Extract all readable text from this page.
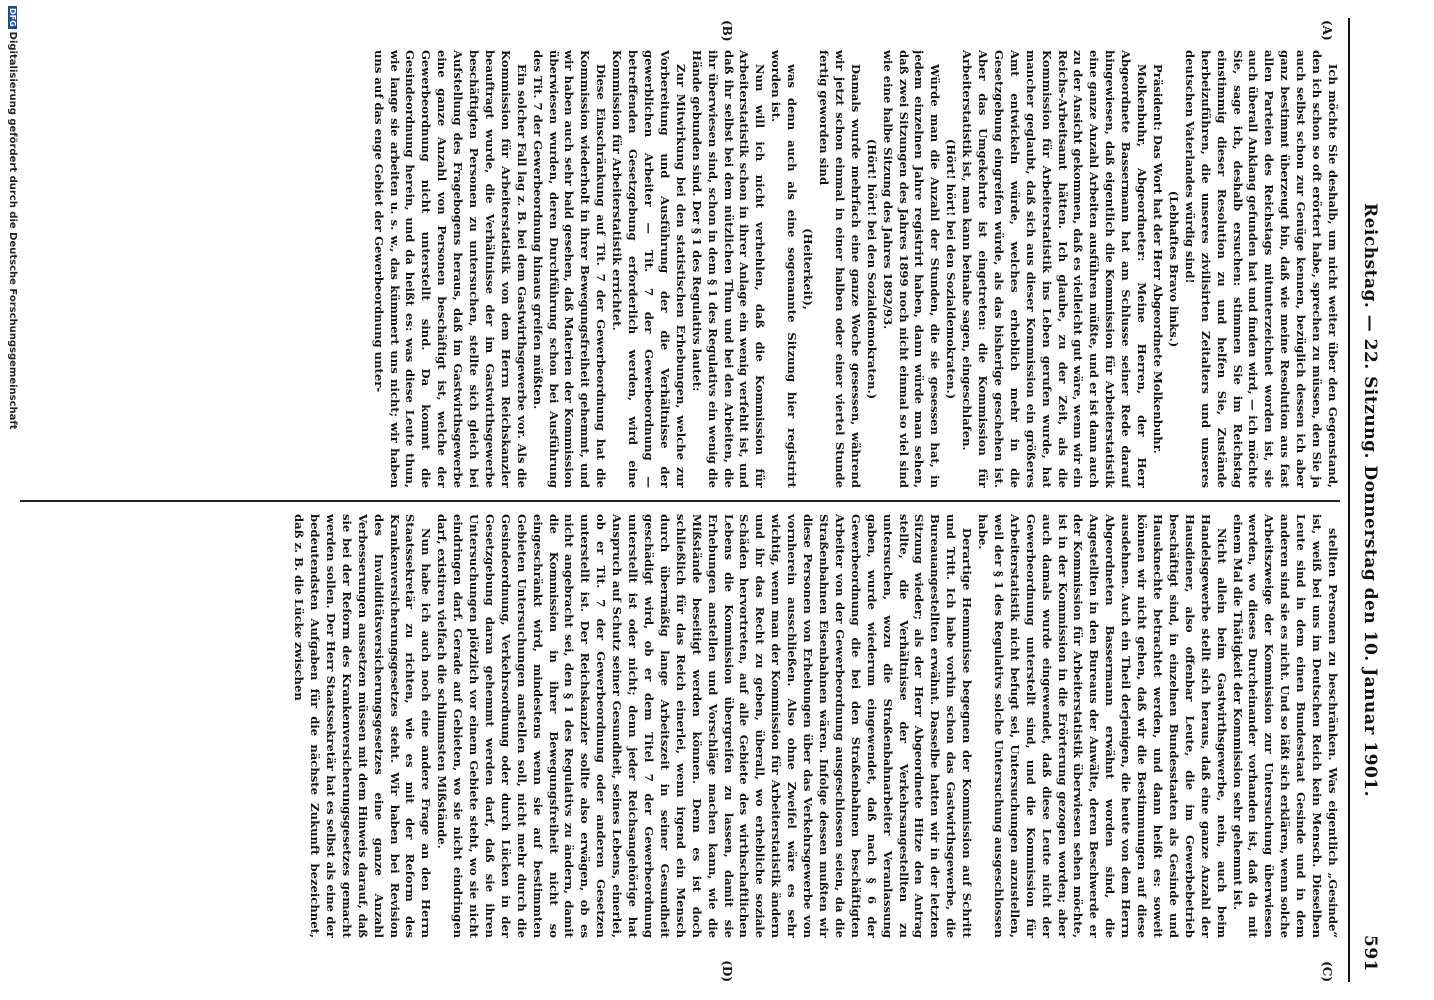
Reichstag. — 22. Sitzung. Donnerstag den 10. Januar 1901.
591
(A)
(B)
(C)
(D)

Ich möchte Sie deshalb, um nicht weiter über den Gegenstand, den ich schon so oft erörtert habe, sprechen zu müssen, den Sie ja auch selbst schon zur Genüge kennen, bezüglich dessen ich aber ganz bestimmt überzeugt bin, daß wie meine Resolution aus fast allen Parteien des Reichstags mitunterzeichnet worden ist, sie auch überall Anklang gefunden hat und finden wird, — ich möchte Sie, sage ich, deshalb ersuchen: stimmen Sie im Reichstag einstimmig dieser Resolution zu und helfen Sie, Zustände herbeizuführen, die unseres zivilisirten Zeitalters und unseres deutschen Vaterlandes würdig sind!

(Lebhaftes Bravo links.)

Präsident: Das Wort hat der Herr Abgeordnete Molkenbuhr.

Molkenbuhr, Abgeordneter: Meine Herren, der Herr Abgeordnete Bassermann hat am Schlusse seiner Rede darauf hingewiesen, daß eigentlich die Kommission für Arbeiterstatistik eine ganze Anzahl Arbeiten ausführen müßte, und er ist dann auch zu der Ansicht gekommen, daß es vielleicht gut wäre, wenn wir ein Reichs-Arbeitsamt hätten. Ich glaube, zu der Zeit, als die Kommission für Arbeiterstatistik ins Leben gerufen wurde, hat mancher geglaubt, daß sich aus dieser Kommission ein größeres Amt entwickeln würde, welches erheblich mehr in die Gesetzgebung eingreifen würde, als das bisherige geschehen ist. Aber das Umgekehrte ist eingetreten: die Kommission für Arbeiterstatistik ist, man kann beinahe sagen, eingeschlafen.

(Hört! hört! bei den Sozialdemokraten.)

Würde man die Anzahl der Stunden, die sie gesessen hat, in jedem einzelnen Jahre registrirt haben, dann würde man sehen, daß zwei Sitzungen des Jahres 1899 noch nicht einmal so viel sind wie eine halbe Sitzung des Jahres 1892/93.

(Hört! hört! bei den Sozialdemokraten.)

Damals wurde mehrfach eine ganze Woche gesessen, während wir jetzt schon einmal in einer halben oder einer viertel Stunde fertig geworden sind

(Heiterkeit),

was denn auch als eine sogenannte Sitzung hier registrirt worden ist.

Nun will ich nicht verhehlen, daß die Kommission für Arbeiterstatistik schon in ihrer Anlage ein wenig verfehlt ist, und daß ihr selbst bei dem nützlichen Thun und bei den Arbeiten, die ihr überwiesen sind, schon in dem § 1 des Regulativs ein wenig die Hände gebunden sind. Der § 1 des Regulativs lautet:

Zur Mitwirkung bei den statistischen Erhebungen, welche zur Vorbereitung und Ausführung der die Verhältnisse der gewerblichen Arbeiter — Tit. 7 der Gewerbeordnung — betreffenden Gesetzgebung erforderlich werden, wird eine Kommission für Arbeiterstatistik errichtet.

Diese Einschränkung auf Tit. 7 der Gewerbeordnung hat die Kommission wiederholt in ihrer Bewegungsfreiheit gehemmt, und wir haben auch sehr bald gesehen, daß Materien der Kommission überwiesen wurden, deren Durchführung schon bei Ausführung des Tit. 7 der Gewerbeordnung hinaus greifen müßten.

Ein solcher Fall lag z. B. bei dem Gastwirthsgewerbe vor. Als die Kommission für Arbeiterstatistik von dem Herrn Reichskanzler beauftragt wurde, die Verhältnisse der im Gastwirthsgewerbe beschäftigten Personen zu untersuchen, stellte sich gleich bei Aufstellung des Fragebogens heraus, daß im Gastwirthsgewerbe eine ganze Anzahl von Personen beschäftigt ist, welche der Gewerbeordnung nicht unterstellt sind. Da kommt die Gesindeordnung herein, und da heißt es: was diese Leute thun, wie lange sie arbeiten u. s. w., das kümmert uns nicht; wir haben uns auf das enge Gebiet der Gewerbeordnung unter-

stellten Personen zu beschränken. Was eigentlich „Gesinde“ ist, weiß bei uns im Deutschen Reich kein Mensch. Dieselben Leute sind in dem einen Bundesstaat Gesinde und in dem anderen sind sie es nicht. Und so läßt sich erklären, wenn solche Arbeitszweige der Kommission zur Untersuchung überwiesen werden, wo dieses Durcheinander vorhanden ist, daß da mit einem Mal die Thätigkeit der Kommission sehr gehemmt ist.

Nicht allein beim Gastwirthsgewerbe, nein, auch beim Handelsgewerbe stellt sich heraus, daß eine ganze Anzahl der Hausdiener, also offenbar Leute, die im Gewerbebetrieb beschäftigt sind, in einzelnen Bundesstaaten als Gesinde und Hausknechte betrachtet werden, und dann heißt es: soweit können wir nicht gehen, daß wir die Bestimmungen auf diese ausdehnen. Auch ein Theil derjenigen, die heute von dem Herrn Abgeordneten Bassermann erwähnt worden sind, die Angestellten in den Bureaus der Anwälte, deren Beschwerde er der Kommission für Arbeiterstatistik überwiesen sehen möchte, ist in der Kommission in die Erörterung gezogen worden; aber auch damals wurde eingewendet, daß diese Leute nicht der Gewerbeordnung unterstellt sind, und die Kommission für Arbeiterstatistik nicht befugt sei, Untersuchungen anzustellen, weil der § 1 des Regulativs solche Untersuchung ausgeschlossen habe.

Derartige Hemmnisse begegnen der Kommission auf Schritt und Tritt. Ich habe vorhin schon das Gastwirthsgewerbe, die Bureauangestellten erwähnt. Dasselbe hatten wir in der letzten Sitzung wieder; als der Herr Abgeordnete Hitze den Antrag stellte, die Verhältnisse der Verkehrsangestellten zu untersuchen, wozu die Straßenbahnarbeiter Veranlassung gaben, wurde wiederum eingewendet, daß nach § 6 der Gewerbeordnung die bei den Straßenbahnen beschäftigten Arbeiter von der Gewerbeordnung ausgeschlossen seien, da die Straßenbahnen Eisenbahnen wären. Infolge dessen mußten wir diese Personen von Erhebungen über das Verkehrsgewerbe von vornherein ausschließen. Also ohne Zweifel wäre es sehr wichtig, wenn man der Kommission für Arbeiterstatistik ändern und ihr das Recht zu geben, überall, wo erhebliche soziale Schäden hervortreten, auf alle Gebiete des wirthschaftlichen Lebens die Kommission übergreifen zu lassen, damit sie Erhebungen anstellen und Vorschläge machen kann, wie die Mißstände beseitigt werden können. Denn es ist doch schließlich für das Reich einerlei, wenn irgend ein Mensch durch übermäßig lange Arbeitszeit in seiner Gesundheit geschädigt wird, ob er dem Titel 7 der Gewerbeordnung unterstellt ist oder nicht; denn jeder Reichsangehörige hat Anspruch auf Schutz seiner Gesundheit, seines Lebens, einerlei, ob er Tit. 7 der Gewerbeordnung oder anderen Gesetzen unterstellt ist. Der Reichskanzler sollte also erwägen, ob es nicht angebracht sei, den § 1 des Regulativs zu ändern, damit die Kommission in ihrer Bewegungsfreiheit nicht so eingeschränkt wird, mindestens wenn sie auf bestimmten Gebieten Untersuchungen anstellen soll, nicht mehr durch die Gesindeordnung, Verkehrsordnung oder durch Lücken in der Gesetzgebung daran gehemmt werden darf, daß sie ihren Untersuchungen plötzlich vor einem Gebiete steht, wo sie nicht eindringen darf. Gerade auf Gebieten, wo sie nicht eindringen darf, existiren vielfach die schlimmsten Mißstände.

Nun habe ich auch noch eine andere Frage an den Herrn Staatssekretär zu richten, wie es mit der Reform des Krankenversicherungsgesetzes steht. Wir haben bei Revision des Invaliditätsversicherungsgesetzes eine ganze Anzahl Verbesserungen aussetzen müssen mit dem Hinweis darauf, daß sie bei der Reform des Krankenversicherungsgesetzes gemacht werden sollen. Der Herr Staatssekretär hat es selbst als eine der bedeutendsten Aufgaben für die nächste Zukunft bezeichnet, daß z. B. die Lücke zwischen

DFGDigitalisierung gefördert durch die Deutsche Forschungsgemeinschaft
